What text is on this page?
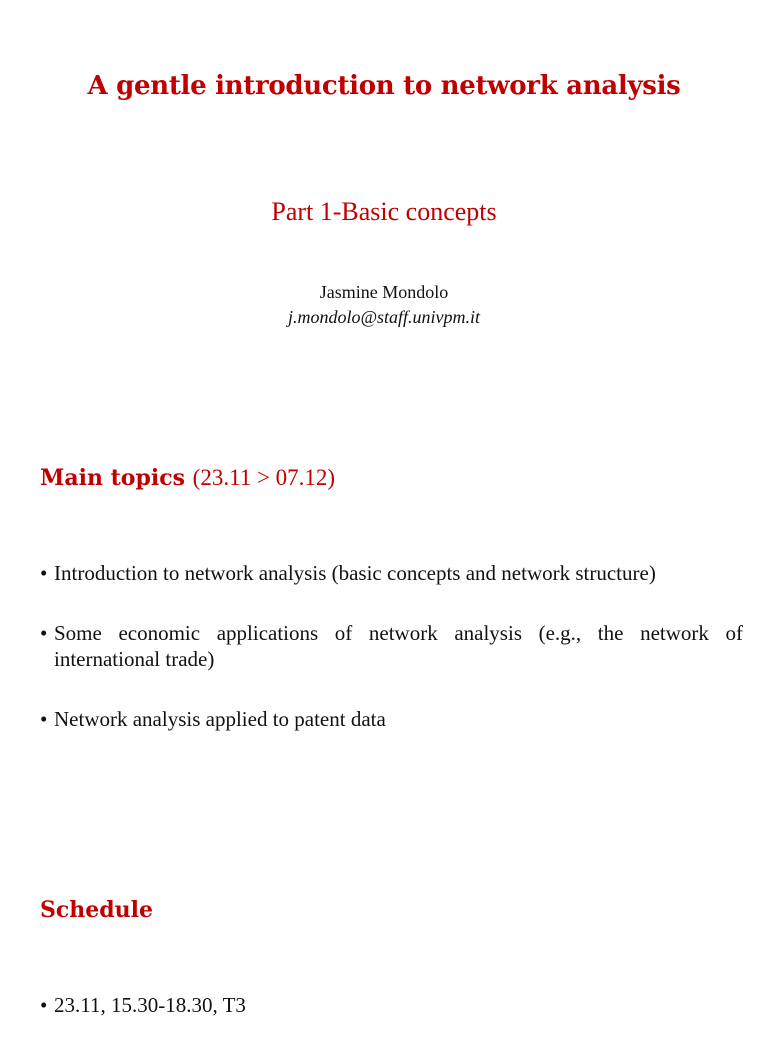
A gentle introduction to network analysis

Part 1-Basic concepts

Jasmine Mondolo
j.mondolo@staff.univpm.it
Main topics (23.11 > 07.12)
• Introduction to network analysis (basic concepts and network structure)
• Some economic applications of network analysis (e.g., the network of international trade)
• Network analysis applied to patent data
Schedule
• 23.11, 15.30-18.30, T3
